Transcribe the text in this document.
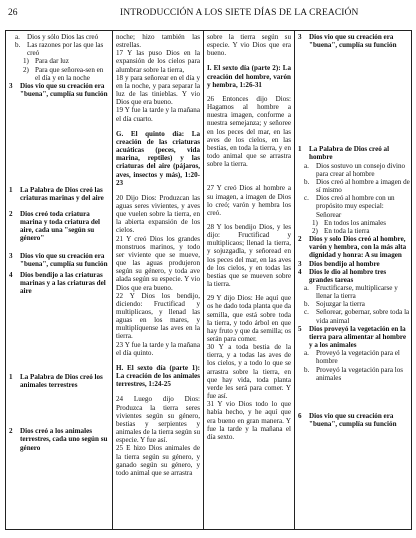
26	INTRODUCCIÓN A LOS SIETE DÍAS DE LA CREACIÓN
a. Dios y sólo Dios las creó
b. Las razones por las que las creó
1) Para dar luz
2) Para que señorea-sen en el día y en la noche
3 Dios vio que su creación era "buena", cumplía su función
1 La Palabra de Dios creó las criaturas marinas y del aire
2 Dios creó toda criatura marina y toda criatura del aire, cada una "según su género"
3 Dios vio que su creación era "buena", cumplía su función
4 Dios bendijo a las criaturas marinas y a las criaturas del aire
1 La Palabra de Dios creó los animales terrestres
2 Dios creó a los animales terrestres, cada uno según su género

noche; hizo también las estrellas.

17 Y las puso Dios en la expansión de los cielos para alumbrar sobre la tierra,

18 y para señorear en el día y en la noche, y para separar la luz de las tinieblas. Y vio Dios que era bueno.

19 Y fue la tarde y la mañana el día cuarto.

G. El quinto día: La creación de las criaturas acuáticas (peces, vida marina, reptiles) y las criaturas del aire (pájaros, aves, insectos y más), 1:20-23

20 Dijo Dios: Produzcan las aguas seres vivientes, y aves que vuelen sobre la tierra, en la abierta expansión de los cielos.

21 Y creó Dios los grandes monstruos marinos, y todo ser viviente que se mueve, que las aguas produjeron según su género, y toda ave alada según su especie. Y vio Dios que era bueno.

22 Y Dios los bendijo, diciendo: Fructificad y multiplicaos, y llenad las aguas en los mares, y multiplíquense las aves en la tierra.

23 Y fue la tarde y la mañana el día quinto.

H. El sexto día (parte 1): La creación de los animales terrestres, 1:24-25

24 Luego dijo Dios: Produzca la tierra seres vivientes según su género, bestias y serpientes y animales de la tierra según su especie. Y fue así.

25 E hizo Dios animales de la tierra según su género, y ganado según su género, y todo animal que se arrastra

sobre la tierra según su especie. Y vio Dios que era bueno.

I. El sexto día (parte 2): La creación del hombre, varón y hembra, 1:26-31

26 Entonces dijo Dios: Hagamos al hombre a nuestra imagen, conforme a nuestra semejanza; y señoree en los peces del mar, en las aves de los cielos, en las bestias, en toda la tierra, y en todo animal que se arrastra sobre la tierra.

27 Y creó Dios al hombre a su imagen, a imagen de Dios lo creó; varón y hembra los creó.

28 Y los bendijo Dios, y les dijo: Fructificad y multiplicaos; llenad la tierra, y sojuzgadla, y señoread en los peces del mar, en las aves de los cielos, y en todas las bestias que se mueven sobre la tierra.

29 Y dijo Dios: He aquí que os he dado toda planta que da semilla, que está sobre toda la tierra, y todo árbol en que hay fruto y que da semilla; os serán para comer.

30 Y a toda bestia de la tierra, y a todas las aves de los cielos, y a todo lo que se arrastra sobre la tierra, en que hay vida, toda planta verde les será para comer. Y fue así.

31 Y vio Dios todo lo que había hecho, y he aquí que era bueno en gran manera. Y fue la tarde y la mañana el día sexto.

3 Dios vio que su creación era "buena", cumplía su función
1 La Palabra de Dios creó al hombre
a. Dios sostuvo un consejo divino para crear al hombre
b. Dios creó al hombre a imagen de sí mismo
c. Dios creó al hombre con un propósito muy especial: Señorear
1) En todos los animales
2) En toda la tierra
2 Dios y solo Dios creó al hombre, varón y hembra, con la más alta dignidad y honra: A su imagen
3 Dios bendijo al hombre
4 Dios le dio al hombre tres grandes tareas
a. Fructificarse, multiplicarse y llenar la tierra
b. Sojuzgar la tierra
c. Señorear, gobernar, sobre toda la vida animal
5 Dios proveyó la vegetación en la tierra para alimentar al hombre y a los animales
a. Proveyó la vegetación para el hombre
b. Proveyó la vegetación para los animales
6 Dios vio que su creación era "buena", cumplía su función
